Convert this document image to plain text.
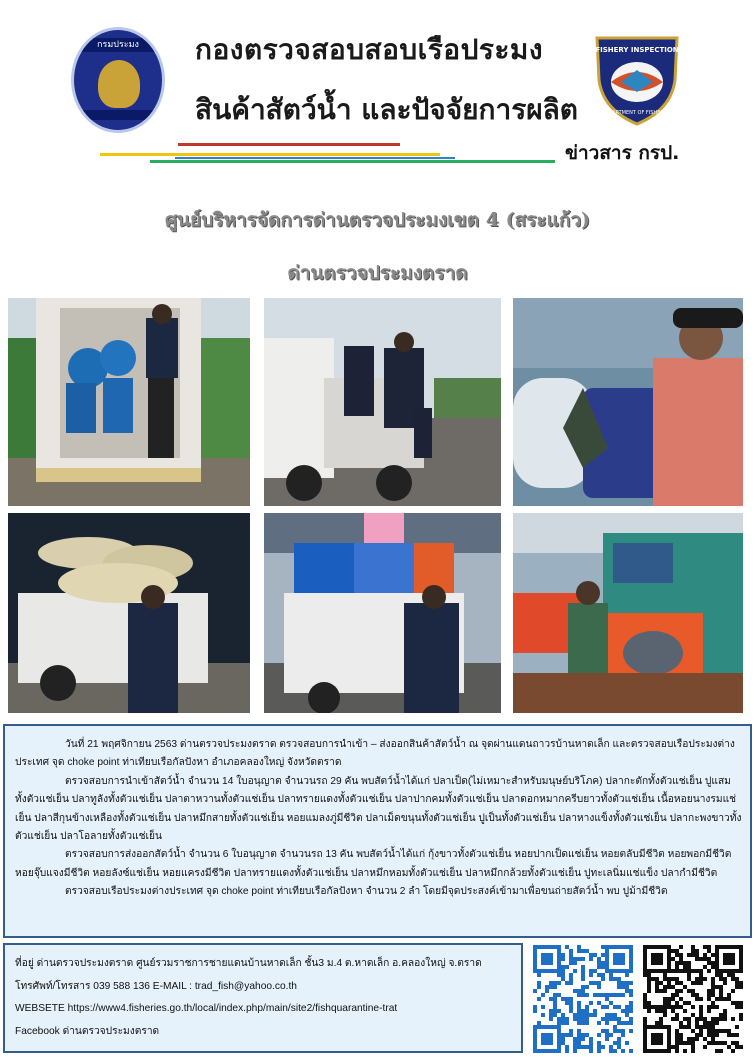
กรมประมง	กองตรวจสอบสอบเรือประมง
สินค้าสัตว์น้ำ และปัจจัยการผลิต
ข่าวสาร กรป.
FISHERY INSPECTION
DEPARTMENT OF FISHERIES
ศูนย์บริหารจัดการด่านตรวจประมงเขต 4 (สระแก้ว)
ด่านตรวจประมงตราด

วันที่ 21 พฤศจิกายน 2563 ด่านตรวจประมงตราด ตรวจสอบการนำเข้า – ส่งออกสินค้าสัตว์น้ำ ณ จุดผ่านแดนถาวรบ้านหาดเล็ก และตรวจสอบเรือประมงต่างประเทศ จุด choke point ท่าเทียบเรือกัลปังหา อำเภอคลองใหญ่ จังหวัดตราด

ตรวจสอบการนำเข้าสัตว์น้ำ จำนวน 14 ใบอนุญาต จำนวนรถ 29 คัน พบสัตว์น้ำได้แก่ ปลาเป็ด(ไม่เหมาะสำหรับมนุษย์บริโภค) ปลากะตักทั้งตัวแช่เย็น ปูแสมทั้งตัวแช่เย็น ปลาทูลังทั้งตัวแช่เย็น ปลาตาหวานทั้งตัวแช่เย็น ปลาทรายแดงทั้งตัวแช่เย็น ปลาปากคมทั้งตัวแช่เย็น ปลาดอกหมากครีบยาวทั้งตัวแช่เย็น เนื้อหอยนางรมแช่เย็น ปลาสีกุนข้างเหลืองทั้งตัวแช่เย็น ปลาหมึกสายทั้งตัวแช่เย็น หอยแมลงภู่มีชีวิต ปลาเม็ดขนุนทั้งตัวแช่เย็น ปูเป็นทั้งตัวแช่เย็น ปลาหางแข็งทั้งตัวแช่เย็น ปลากะพงขาวทั้งตัวแช่เย็น ปลาโอลายทั้งตัวแช่เย็น

ตรวจสอบการส่งออกสัตว์น้ำ จำนวน 6 ใบอนุญาต จำนวนรถ 13 คัน พบสัตว์น้ำได้แก่ กุ้งขาวทั้งตัวแช่เย็น หอยปากเป็ดแช่เย็น หอยตลับมีชีวิต หอยพอกมีชีวิต หอยจุ๊บแจงมีชีวิต หอยลังซ์แช่เย็น หอยแครงมีชีวิต ปลาทรายแดงทั้งตัวแช่เย็น ปลาหมึกหอมทั้งตัวแช่เย็น ปลาหมึกกล้วยทั้งตัวแช่เย็น ปูทะเลนิ่มแช่แข็ง ปลากำมีชีวิต

ตรวจสอบเรือประมงต่างประเทศ จุด choke point ท่าเทียบเรือกัลปังหา จำนวน 2 ลำ โดยมีจุดประสงค์เข้ามาเพื่อขนถ่ายสัตว์น้ำ พบ ปูม้ามีชีวิต

ที่อยู่ ด่านตรวจประมงตราด ศูนย์รวมราชการชายแดนบ้านหาดเล็ก ชั้น3 ม.4 ต.หาดเล็ก อ.คลองใหญ่ จ.ตราด
โทรศัพท์/โทรสาร 039 588 136 E-MAIL : trad_fish@yahoo.co.th
WEBSETE https://www4.fisheries.go.th/local/index.php/main/site2/fishquarantine-trat
Facebook ด่านตรวจประมงตราด
